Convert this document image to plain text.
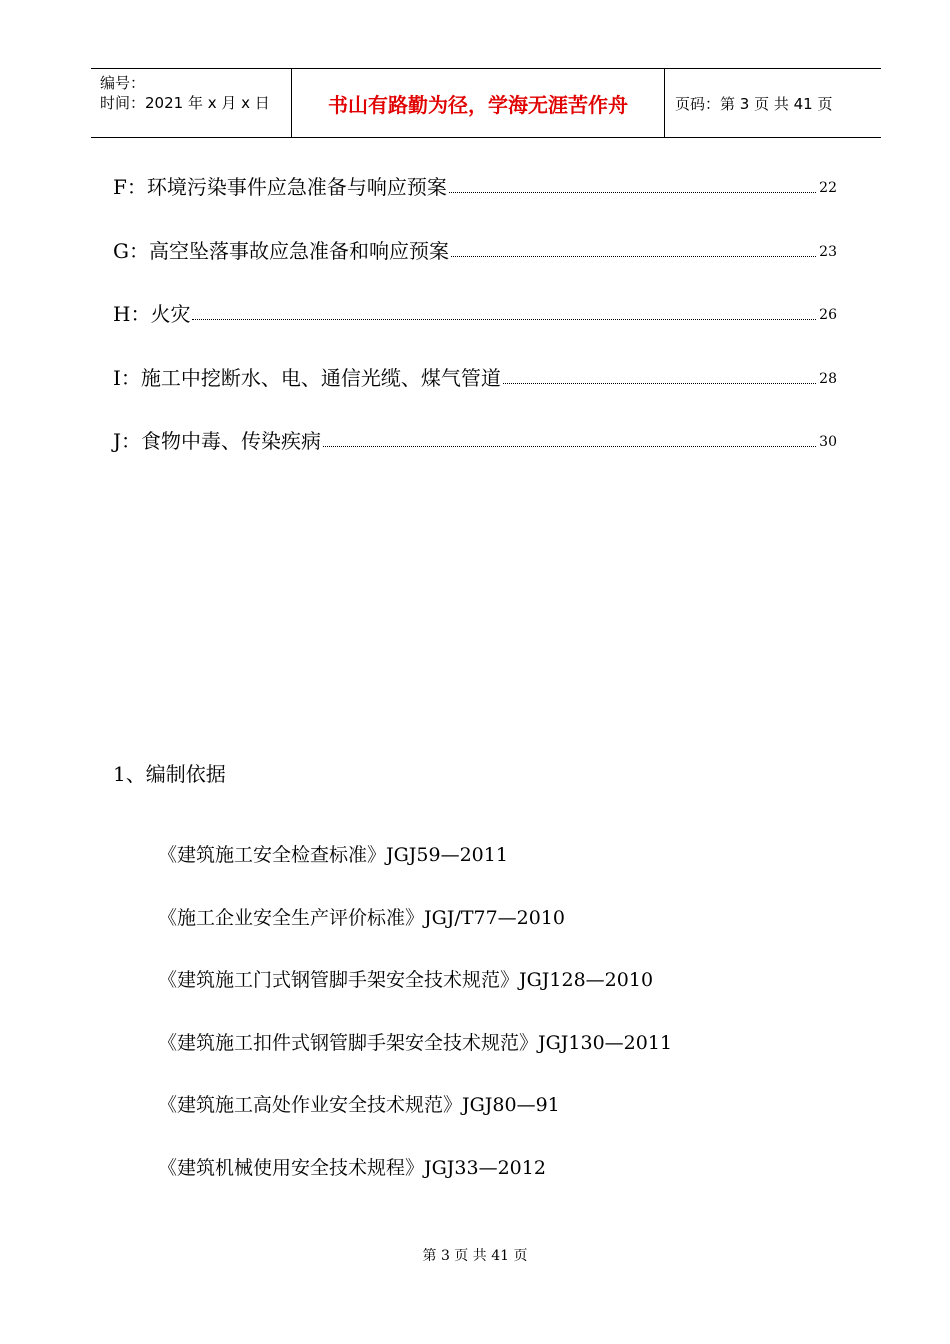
编号：
时间：2021 年 x 月 x 日	书山有路勤为径，学海无涯苦作舟	页码：第 3 页 共 41 页
F：环境污染事件应急准备与响应预案	22
G：高空坠落事故应急准备和响应预案	23
H：火灾	26
I：施工中挖断水、电、通信光缆、煤气管道	28
J：食物中毒、传染疾病	30
1、编制依据
《建筑施工安全检查标准》JGJ59—2011
《施工企业安全生产评价标准》JGJ/T77—2010
《建筑施工门式钢管脚手架安全技术规范》JGJ128—2010
《建筑施工扣件式钢管脚手架安全技术规范》JGJ130—2011
《建筑施工高处作业安全技术规范》JGJ80—91
《建筑机械使用安全技术规程》JGJ33—2012
第 3 页 共 41 页
